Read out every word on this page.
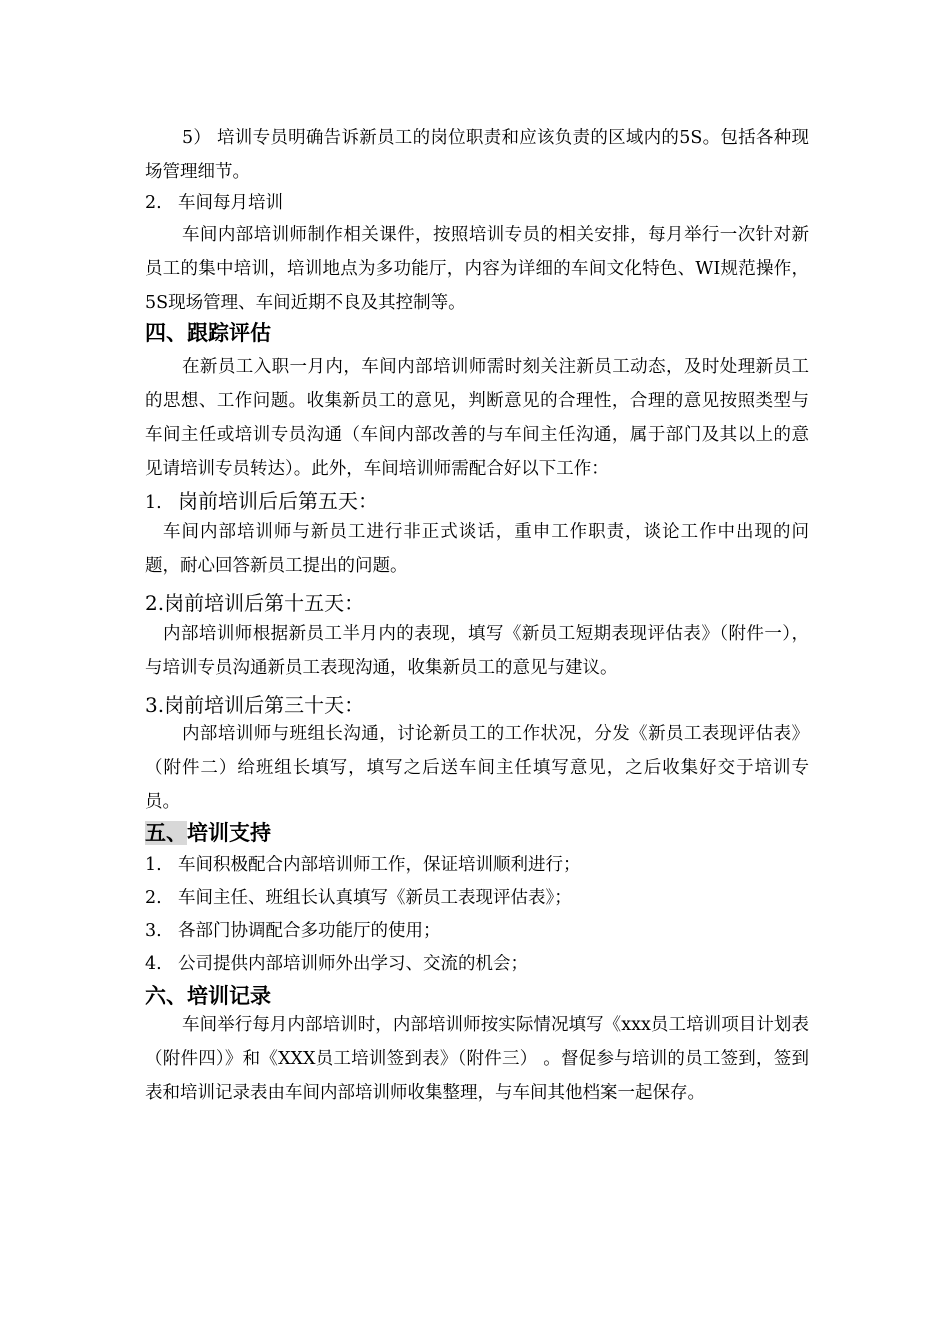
5） 培训专员明确告诉新员工的岗位职责和应该负责的区域内的5S。包括各种现场管理细节。

2. 车间每月培训

车间内部培训师制作相关课件，按照培训专员的相关安排，每月举行一次针对新员工的集中培训，培训地点为多功能厅，内容为详细的车间文化特色、WI规范操作，5S现场管理、车间近期不良及其控制等。

四、跟踪评估

在新员工入职一月内，车间内部培训师需时刻关注新员工动态，及时处理新员工的思想、工作问题。收集新员工的意见，判断意见的合理性，合理的意见按照类型与车间主任或培训专员沟通（车间内部改善的与车间主任沟通，属于部门及其以上的意见请培训专员转达）。此外，车间培训师需配合好以下工作：

1. 岗前培训后后第五天：

车间内部培训师与新员工进行非正式谈话，重申工作职责，谈论工作中出现的问题，耐心回答新员工提出的问题。

2.岗前培训后第十五天：

内部培训师根据新员工半月内的表现，填写《新员工短期表现评估表》（附件一），与培训专员沟通新员工表现沟通，收集新员工的意见与建议。

3.岗前培训后第三十天：

内部培训师与班组长沟通，讨论新员工的工作状况，分发《新员工表现评估表》（附件二）给班组长填写，填写之后送车间主任填写意见，之后收集好交于培训专员。

五、培训支持

1. 车间积极配合内部培训师工作，保证培训顺利进行；

2. 车间主任、班组长认真填写《新员工表现评估表》；

3. 各部门协调配合多功能厅的使用；

4. 公司提供内部培训师外出学习、交流的机会；

六、培训记录

车间举行每月内部培训时，内部培训师按实际情况填写《xxx员工培训项目计划表（附件四）》和《XXX员工培训签到表》（附件三） 。督促参与培训的员工签到，签到表和培训记录表由车间内部培训师收集整理，与车间其他档案一起保存。
